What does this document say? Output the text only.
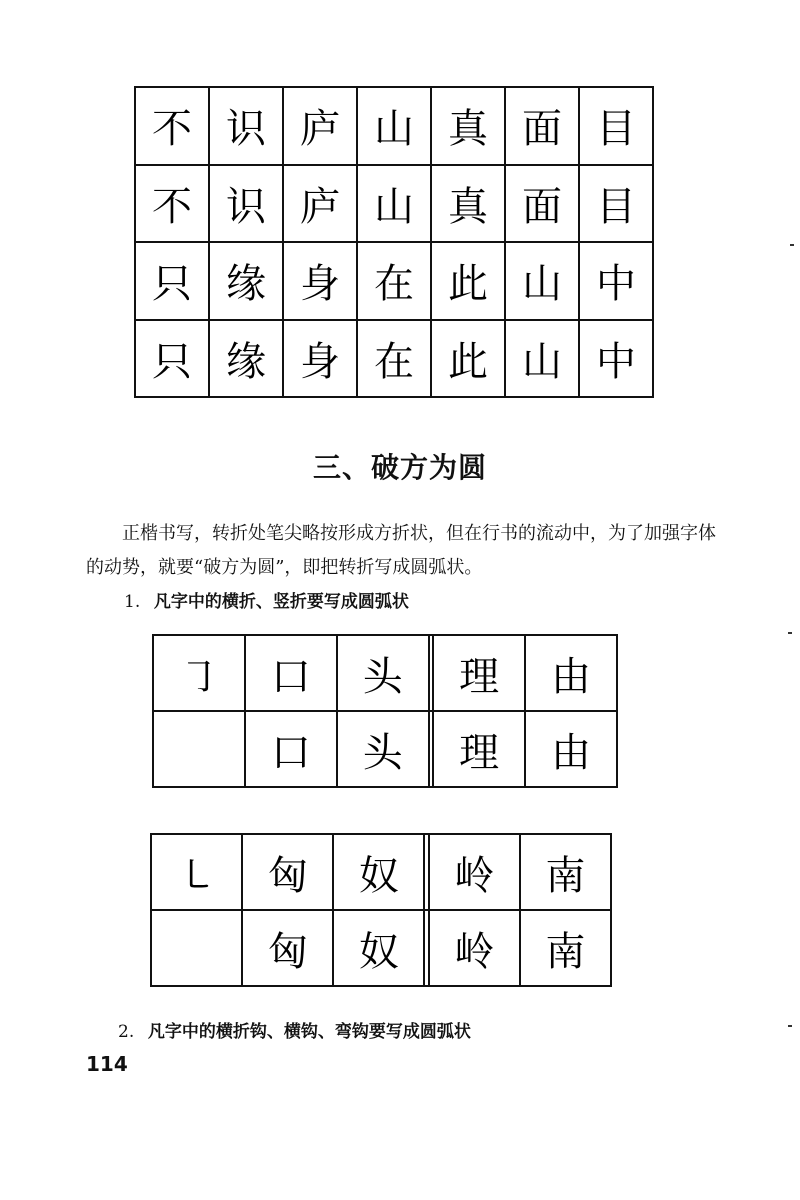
不	识	庐	山	真	面	目
不	识	庐	山	真	面	目
只	缘	身	在	此	山	中
只	缘	身	在	此	山	中
三、破方为圆

正楷书写，转折处笔尖略按形成方折状，但在行书的流动中，为了加强字体的动势，就要“破方为圆”，即把转折写成圆弧状。

1. 凡字中的横折、竖折要写成圆弧状

㇆	口	头		理	由
	口	头		理	由
㇄	匈	奴		岭	南
	匈	奴		岭	南

2. 凡字中的横折钩、横钩、弯钩要写成圆弧状

114
